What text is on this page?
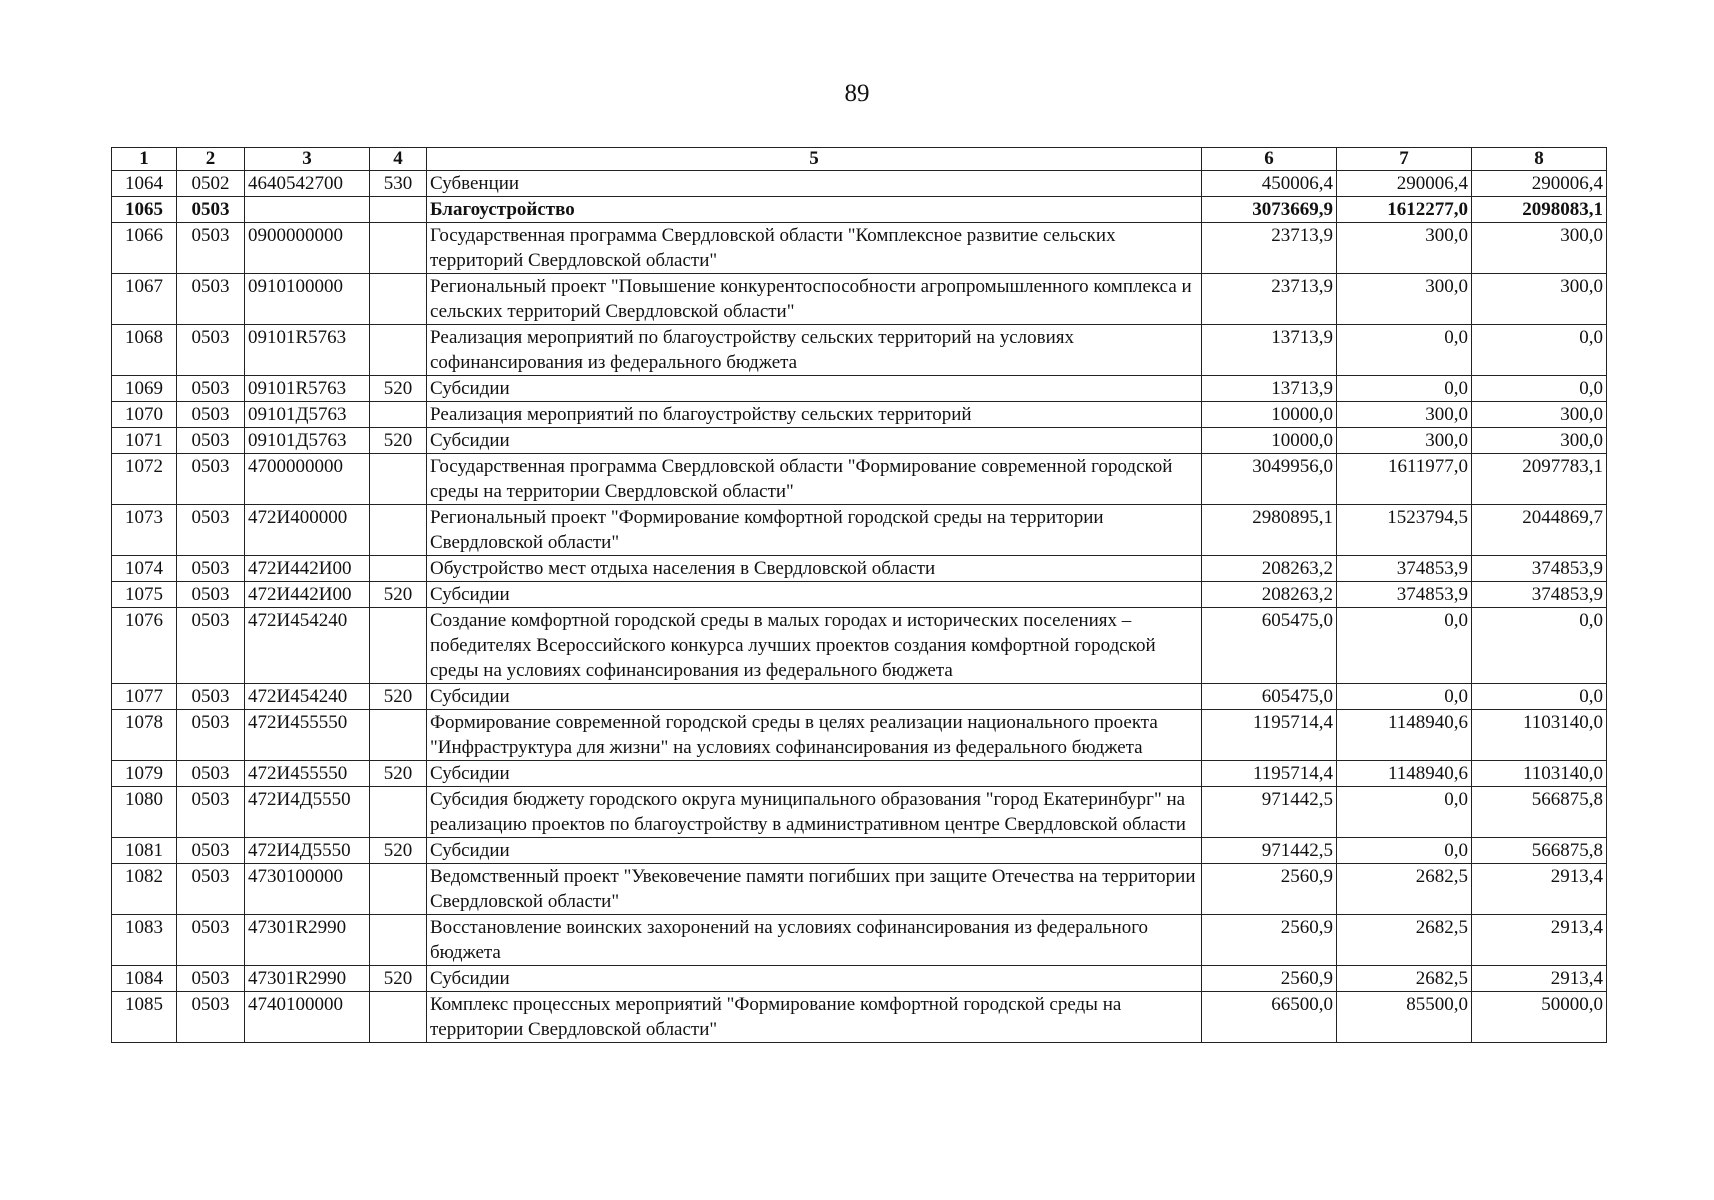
89
1	2	3	4	5	6	7	8
1064	0502	4640542700	530	Субвенции	450006,4	290006,4	290006,4
1065	0503			Благоустройство	3073669,9	1612277,0	2098083,1
1066	0503	0900000000		Государственная программа Свердловской области "Комплексное развитие сельских территорий Свердловской области"	23713,9	300,0	300,0
1067	0503	0910100000		Региональный проект "Повышение конкурентоспособности агропромышленного комплекса и сельских территорий Свердловской области"	23713,9	300,0	300,0
1068	0503	09101R5763		Реализация мероприятий по благоустройству сельских территорий на условиях софинансирования из федерального бюджета	13713,9	0,0	0,0
1069	0503	09101R5763	520	Субсидии	13713,9	0,0	0,0
1070	0503	09101Д5763		Реализация мероприятий по благоустройству сельских территорий	10000,0	300,0	300,0
1071	0503	09101Д5763	520	Субсидии	10000,0	300,0	300,0
1072	0503	4700000000		Государственная программа Свердловской области "Формирование современной городской среды на территории Свердловской области"	3049956,0	1611977,0	2097783,1
1073	0503	472И400000		Региональный проект "Формирование комфортной городской среды на территории Свердловской области"	2980895,1	1523794,5	2044869,7
1074	0503	472И442И00		Обустройство мест отдыха населения в Свердловской области	208263,2	374853,9	374853,9
1075	0503	472И442И00	520	Субсидии	208263,2	374853,9	374853,9
1076	0503	472И454240		Создание комфортной городской среды в малых городах и исторических поселениях – победителях Всероссийского конкурса лучших проектов создания комфортной городской среды на условиях софинансирования из федерального бюджета	605475,0	0,0	0,0
1077	0503	472И454240	520	Субсидии	605475,0	0,0	0,0
1078	0503	472И455550		Формирование современной городской среды в целях реализации национального проекта "Инфраструктура для жизни" на условиях софинансирования из федерального бюджета	1195714,4	1148940,6	1103140,0
1079	0503	472И455550	520	Субсидии	1195714,4	1148940,6	1103140,0
1080	0503	472И4Д5550		Субсидия бюджету городского округа муниципального образования "город Екатеринбург" на реализацию проектов по благоустройству в административном центре Свердловской области	971442,5	0,0	566875,8
1081	0503	472И4Д5550	520	Субсидии	971442,5	0,0	566875,8
1082	0503	4730100000		Ведомственный проект "Увековечение памяти погибших при защите Отечества на территории Свердловской области"	2560,9	2682,5	2913,4
1083	0503	47301R2990		Восстановление воинских захоронений на условиях софинансирования из федерального бюджета	2560,9	2682,5	2913,4
1084	0503	47301R2990	520	Субсидии	2560,9	2682,5	2913,4
1085	0503	4740100000		Комплекс процессных мероприятий "Формирование комфортной городской среды на территории Свердловской области"	66500,0	85500,0	50000,0
